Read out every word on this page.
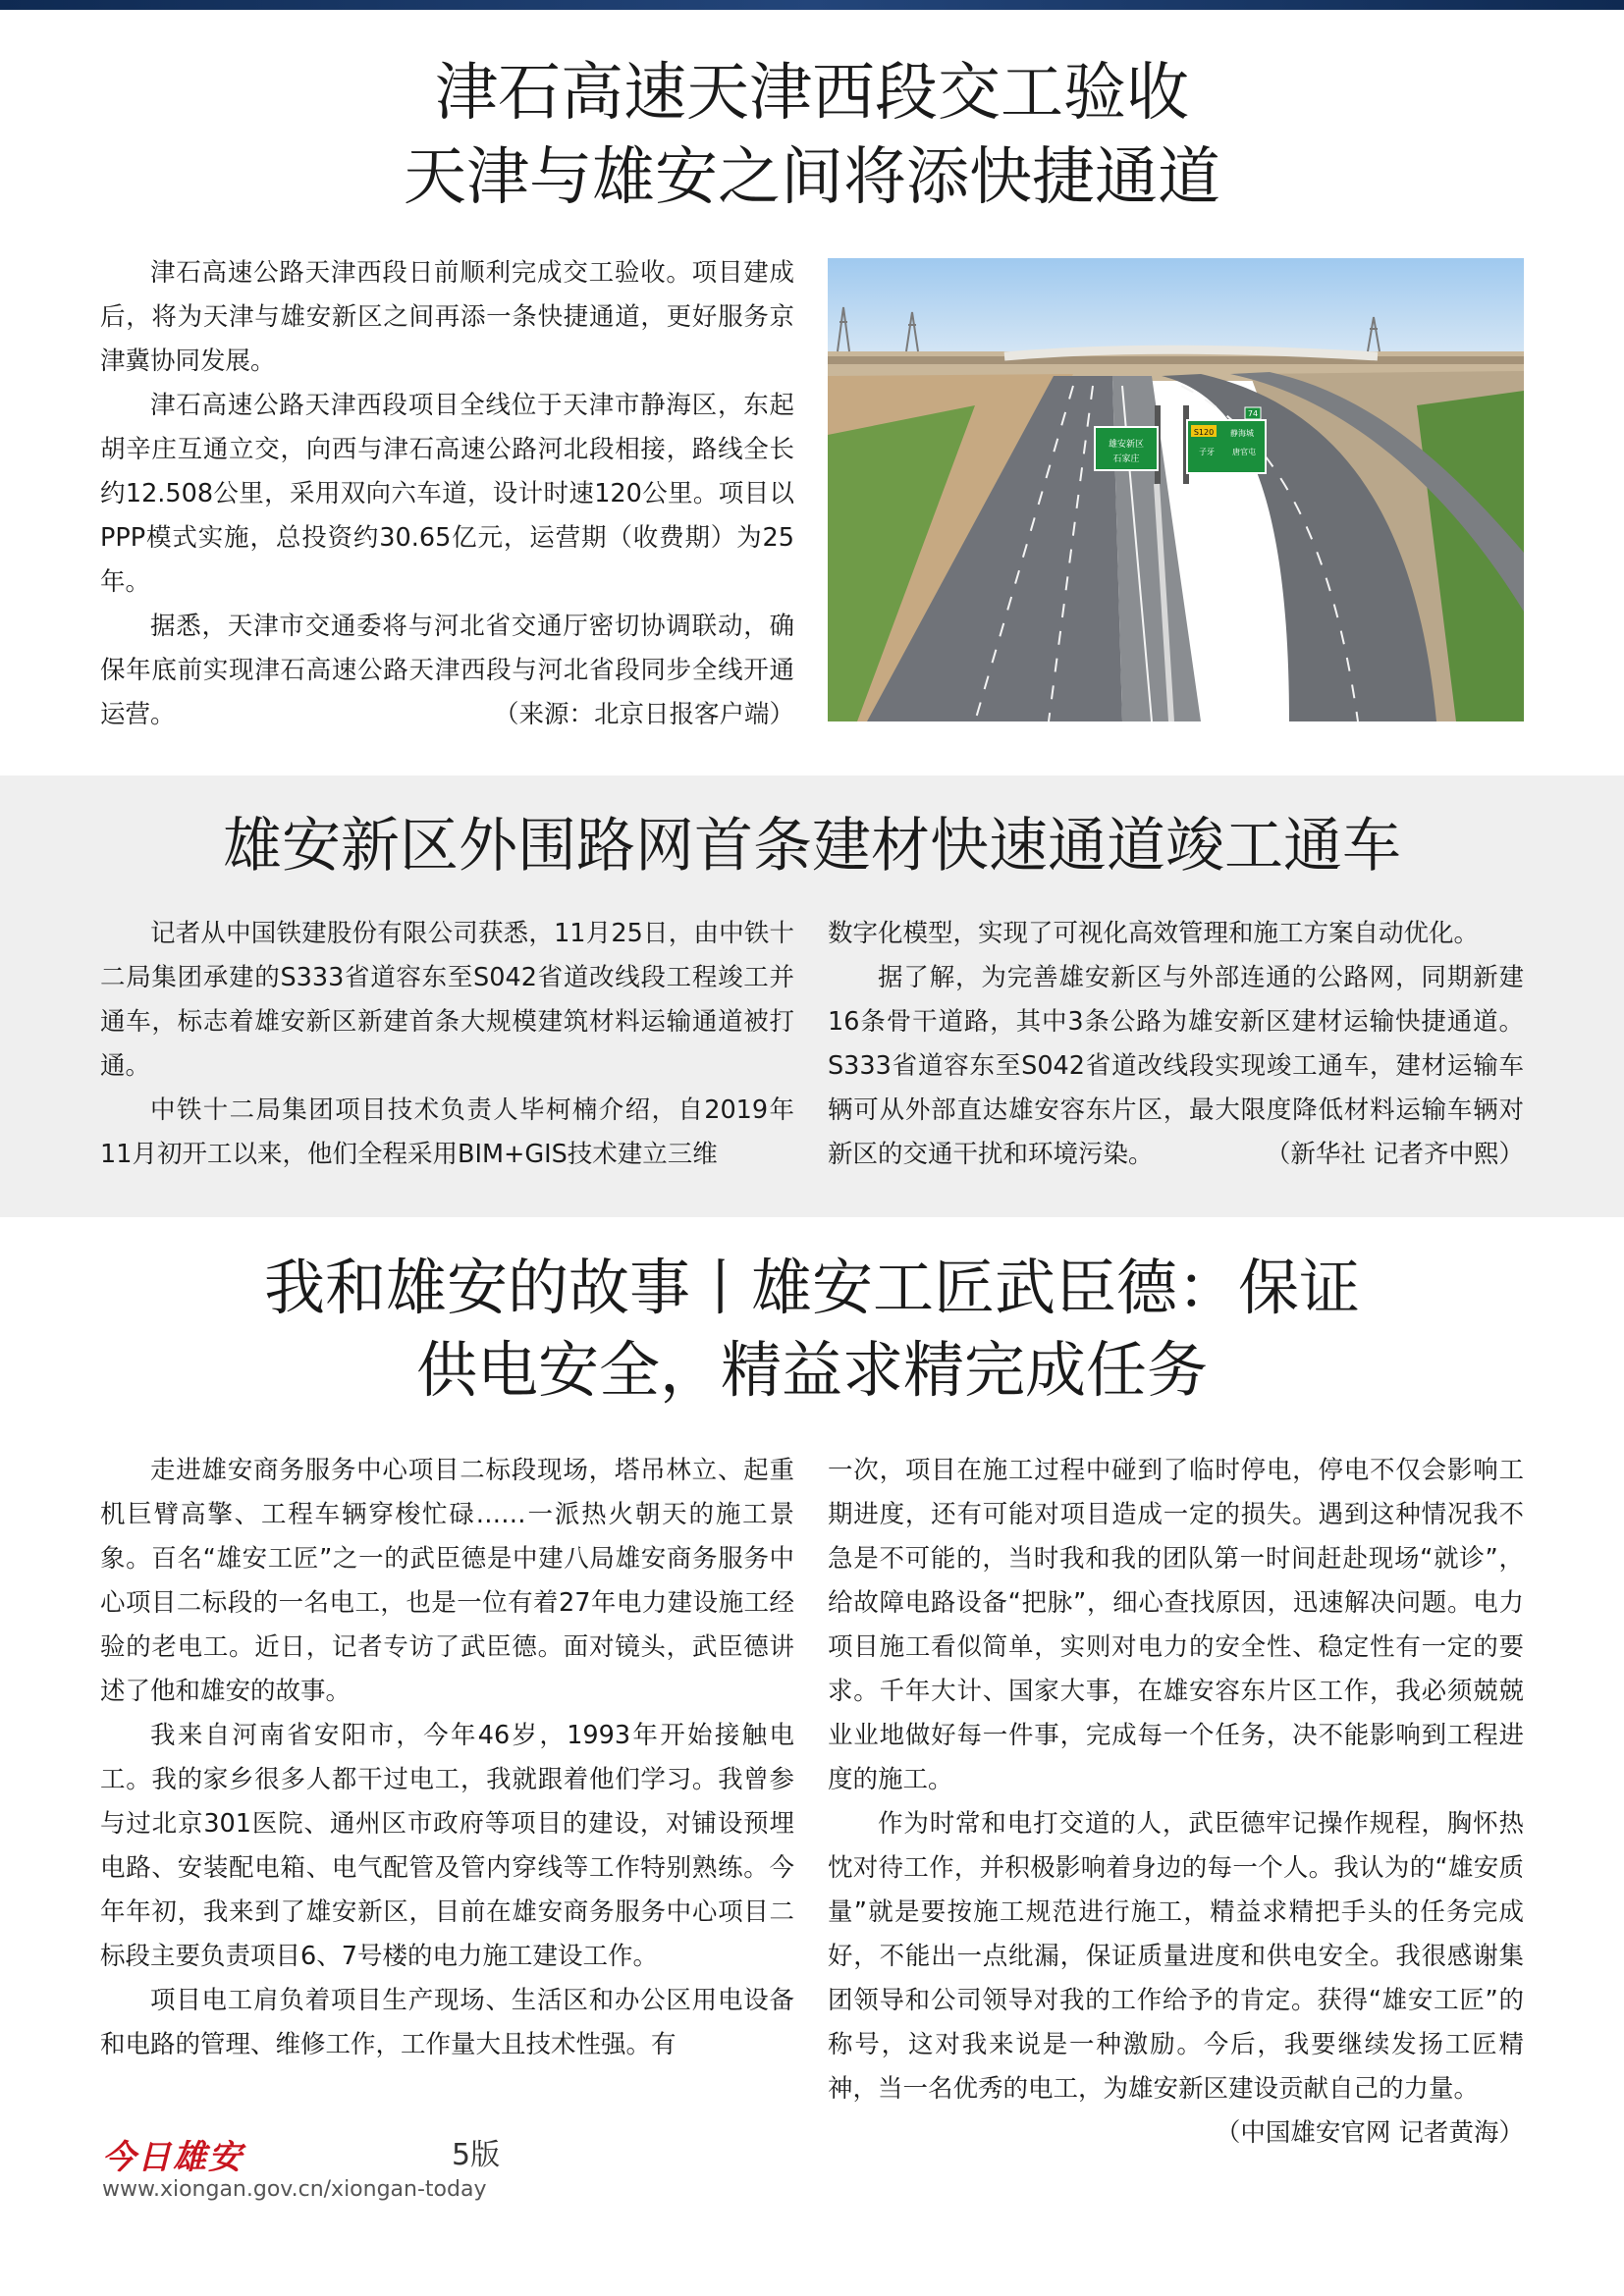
津石高速天津西段交工验收
天津与雄安之间将添快捷通道

津石高速公路天津西段日前顺利完成交工验收。项目建成后，将为天津与雄安新区之间再添一条快捷通道，更好服务京津冀协同发展。

津石高速公路天津西段项目全线位于天津市静海区，东起胡辛庄互通立交，向西与津石高速公路河北段相接，路线全长约12.508公里，采用双向六车道，设计时速120公里。项目以PPP模式实施，总投资约30.65亿元，运营期（收费期）为25年。

据悉，天津市交通委将与河北省交通厅密切协调联动，确保年底前实现津石高速公路天津西段与河北省段同步全线开通运营。	（来源：北京日报客户端）

雄安新区
石家庄
S120 静海城
子牙 唐官屯
74
雄安新区外围路网首条建材快速通道竣工通车

记者从中国铁建股份有限公司获悉，11月25日，由中铁十二局集团承建的S333省道容东至S042省道改线段工程竣工并通车，标志着雄安新区新建首条大规模建筑材料运输通道被打通。

中铁十二局集团项目技术负责人毕柯楠介绍，自2019年11月初开工以来，他们全程采用BIM+GIS技术建立三维

数字化模型，实现了可视化高效管理和施工方案自动优化。

据了解，为完善雄安新区与外部连通的公路网，同期新建16条骨干道路，其中3条公路为雄安新区建材运输快捷通道。S333省道容东至S042省道改线段实现竣工通车，建材运输车辆可从外部直达雄安容东片区，最大限度降低材料运输车辆对新区的交通干扰和环境污染。	（新华社 记者齐中熙）

我和雄安的故事丨雄安工匠武臣德：保证
供电安全，精益求精完成任务

走进雄安商务服务中心项目二标段现场，塔吊林立、起重机巨臂高擎、工程车辆穿梭忙碌……一派热火朝天的施工景象。百名“雄安工匠”之一的武臣德是中建八局雄安商务服务中心项目二标段的一名电工，也是一位有着27年电力建设施工经验的老电工。近日，记者专访了武臣德。面对镜头，武臣德讲述了他和雄安的故事。

我来自河南省安阳市，今年46岁，1993年开始接触电工。我的家乡很多人都干过电工，我就跟着他们学习。我曾参与过北京301医院、通州区市政府等项目的建设，对铺设预埋电路、安装配电箱、电气配管及管内穿线等工作特别熟练。今年年初，我来到了雄安新区，目前在雄安商务服务中心项目二标段主要负责项目6、7号楼的电力施工建设工作。

项目电工肩负着项目生产现场、生活区和办公区用电设备和电路的管理、维修工作，工作量大且技术性强。有

一次，项目在施工过程中碰到了临时停电，停电不仅会影响工期进度，还有可能对项目造成一定的损失。遇到这种情况我不急是不可能的，当时我和我的团队第一时间赶赴现场“就诊”，给故障电路设备“把脉”，细心查找原因，迅速解决问题。电力项目施工看似简单，实则对电力的安全性、稳定性有一定的要求。千年大计、国家大事，在雄安容东片区工作，我必须兢兢业业地做好每一件事，完成每一个任务，决不能影响到工程进度的施工。

作为时常和电打交道的人，武臣德牢记操作规程，胸怀热忱对待工作，并积极影响着身边的每一个人。我认为的“雄安质量”就是要按施工规范进行施工，精益求精把手头的任务完成好，不能出一点纰漏，保证质量进度和供电安全。我很感谢集团领导和公司领导对我的工作给予的肯定。获得“雄安工匠”的称号，这对我来说是一种激励。今后，我要继续发扬工匠精神，当一名优秀的电工，为雄安新区建设贡献自己的力量。
（中国雄安官网 记者黄海）

今日雄安	5版
www.xiongan.gov.cn/xiongan-today
